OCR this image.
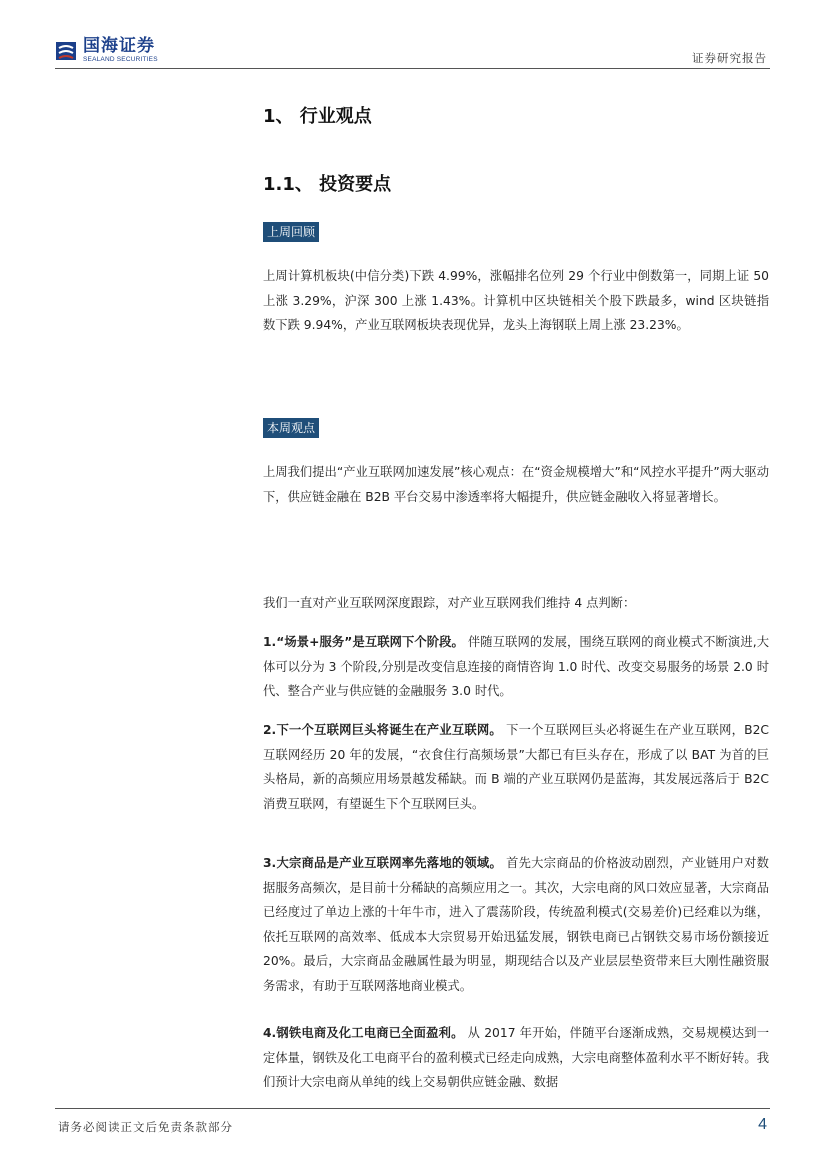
国海证券
SEALAND SECURITIES	证券研究报告
1、 行业观点
1.1、 投资要点
上周回顾
上周计算机板块(中信分类)下跌 4.99%，涨幅排名位列 29 个行业中倒数第一，同期上证 50 上涨 3.29%，沪深 300 上涨 1.43%。计算机中区块链相关个股下跌最多，wind 区块链指数下跌 9.94%，产业互联网板块表现优异，龙头上海钢联上周上涨 23.23%。
本周观点
上周我们提出“产业互联网加速发展”核心观点：在“资金规模增大”和“风控水平提升”两大驱动下，供应链金融在 B2B 平台交易中渗透率将大幅提升，供应链金融收入将显著增长。
我们一直对产业互联网深度跟踪，对产业互联网我们维持 4 点判断：
1.“场景+服务”是互联网下个阶段。 伴随互联网的发展，围绕互联网的商业模式不断演进,大体可以分为 3 个阶段,分别是改变信息连接的商情咨询 1.0 时代、改变交易服务的场景 2.0 时代、整合产业与供应链的金融服务 3.0 时代。
2.下一个互联网巨头将诞生在产业互联网。 下一个互联网巨头必将诞生在产业互联网，B2C 互联网经历 20 年的发展，“衣食住行高频场景”大都已有巨头存在，形成了以 BAT 为首的巨头格局，新的高频应用场景越发稀缺。而 B 端的产业互联网仍是蓝海，其发展远落后于 B2C 消费互联网，有望诞生下个互联网巨头。
3.大宗商品是产业互联网率先落地的领域。 首先大宗商品的价格波动剧烈，产业链用户对数据服务高频次，是目前十分稀缺的高频应用之一。其次，大宗电商的风口效应显著，大宗商品已经度过了单边上涨的十年牛市，进入了震荡阶段，传统盈利模式(交易差价)已经难以为继，依托互联网的高效率、低成本大宗贸易开始迅猛发展，钢铁电商已占钢铁交易市场份额接近 20%。最后，大宗商品金融属性最为明显，期现结合以及产业层层垫资带来巨大刚性融资服务需求，有助于互联网落地商业模式。
4.钢铁电商及化工电商已全面盈利。 从 2017 年开始，伴随平台逐渐成熟，交易规模达到一定体量，钢铁及化工电商平台的盈利模式已经走向成熟，大宗电商整体盈利水平不断好转。我们预计大宗电商从单纯的线上交易朝供应链金融、数据
请务必阅读正文后免责条款部分	4
